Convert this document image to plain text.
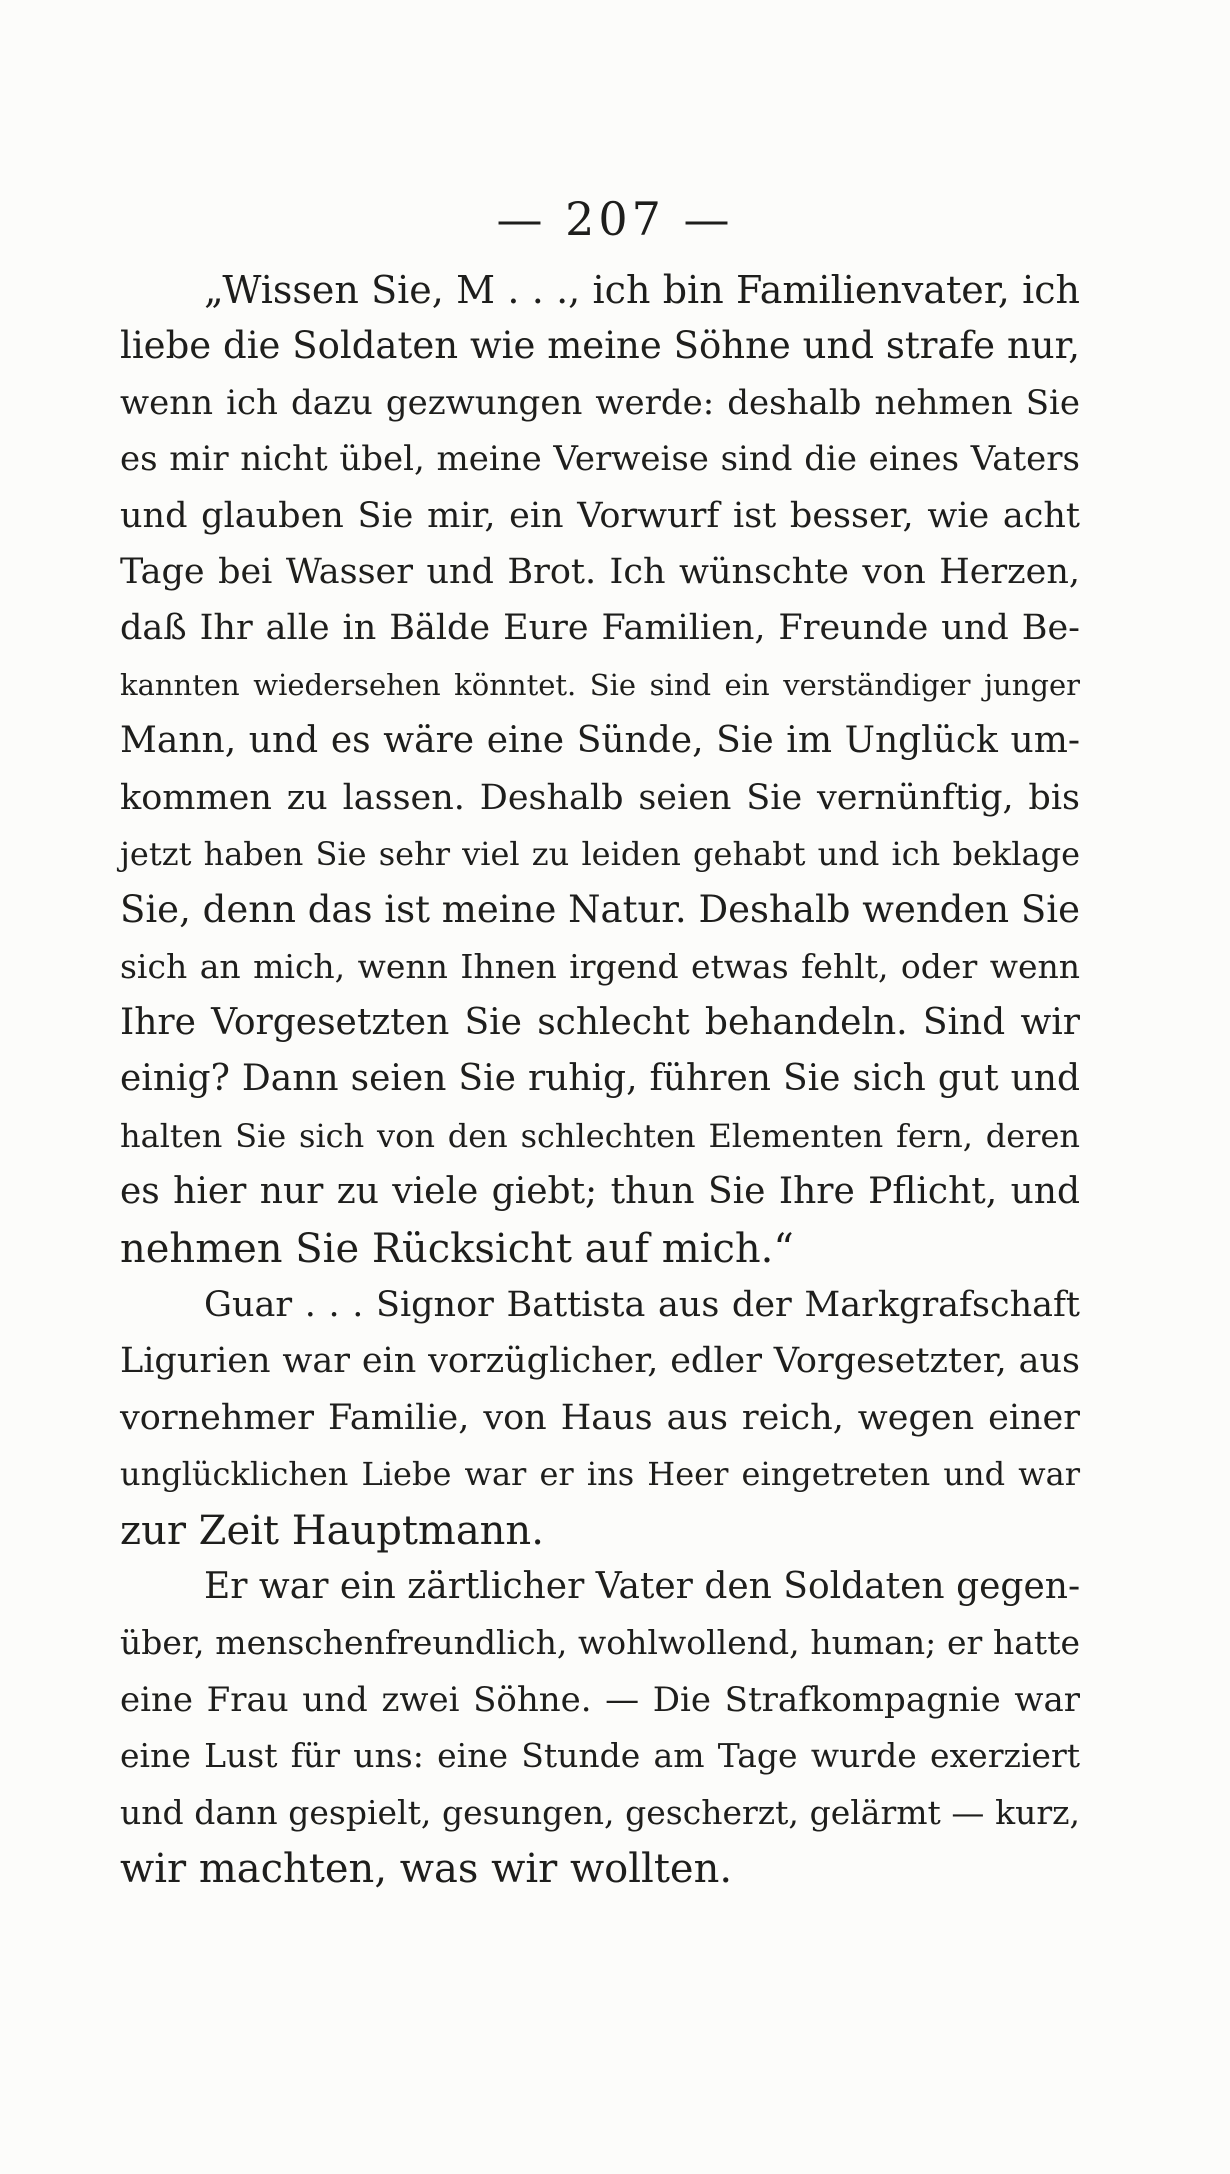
— 207 —
„Wissen Sie, M . . ., ich bin Familienvater, ich
liebe die Soldaten wie meine Söhne und strafe nur,
wenn ich dazu gezwungen werde: deshalb nehmen Sie
es mir nicht übel, meine Verweise sind die eines Vaters
und glauben Sie mir, ein Vorwurf ist besser, wie acht
Tage bei Wasser und Brot. Ich wünschte von Herzen,
daß Ihr alle in Bälde Eure Familien, Freunde und Be-
kannten wiedersehen könntet. Sie sind ein verständiger junger
Mann, und es wäre eine Sünde, Sie im Unglück um-
kommen zu lassen. Deshalb seien Sie vernünftig, bis
jetzt haben Sie sehr viel zu leiden gehabt und ich beklage
Sie, denn das ist meine Natur. Deshalb wenden Sie
sich an mich, wenn Ihnen irgend etwas fehlt, oder wenn
Ihre Vorgesetzten Sie schlecht behandeln. Sind wir
einig? Dann seien Sie ruhig, führen Sie sich gut und
halten Sie sich von den schlechten Elementen fern, deren
es hier nur zu viele giebt; thun Sie Ihre Pflicht, und
nehmen Sie Rücksicht auf mich.“
Guar . . . Signor Battista aus der Markgrafschaft
Ligurien war ein vorzüglicher, edler Vorgesetzter, aus
vornehmer Familie, von Haus aus reich, wegen einer
unglücklichen Liebe war er ins Heer eingetreten und war
zur Zeit Hauptmann.
Er war ein zärtlicher Vater den Soldaten gegen-
über, menschenfreundlich, wohlwollend, human; er hatte
eine Frau und zwei Söhne. — Die Strafkompagnie war
eine Lust für uns: eine Stunde am Tage wurde exerziert
und dann gespielt, gesungen, gescherzt, gelärmt — kurz,
wir machten, was wir wollten.
